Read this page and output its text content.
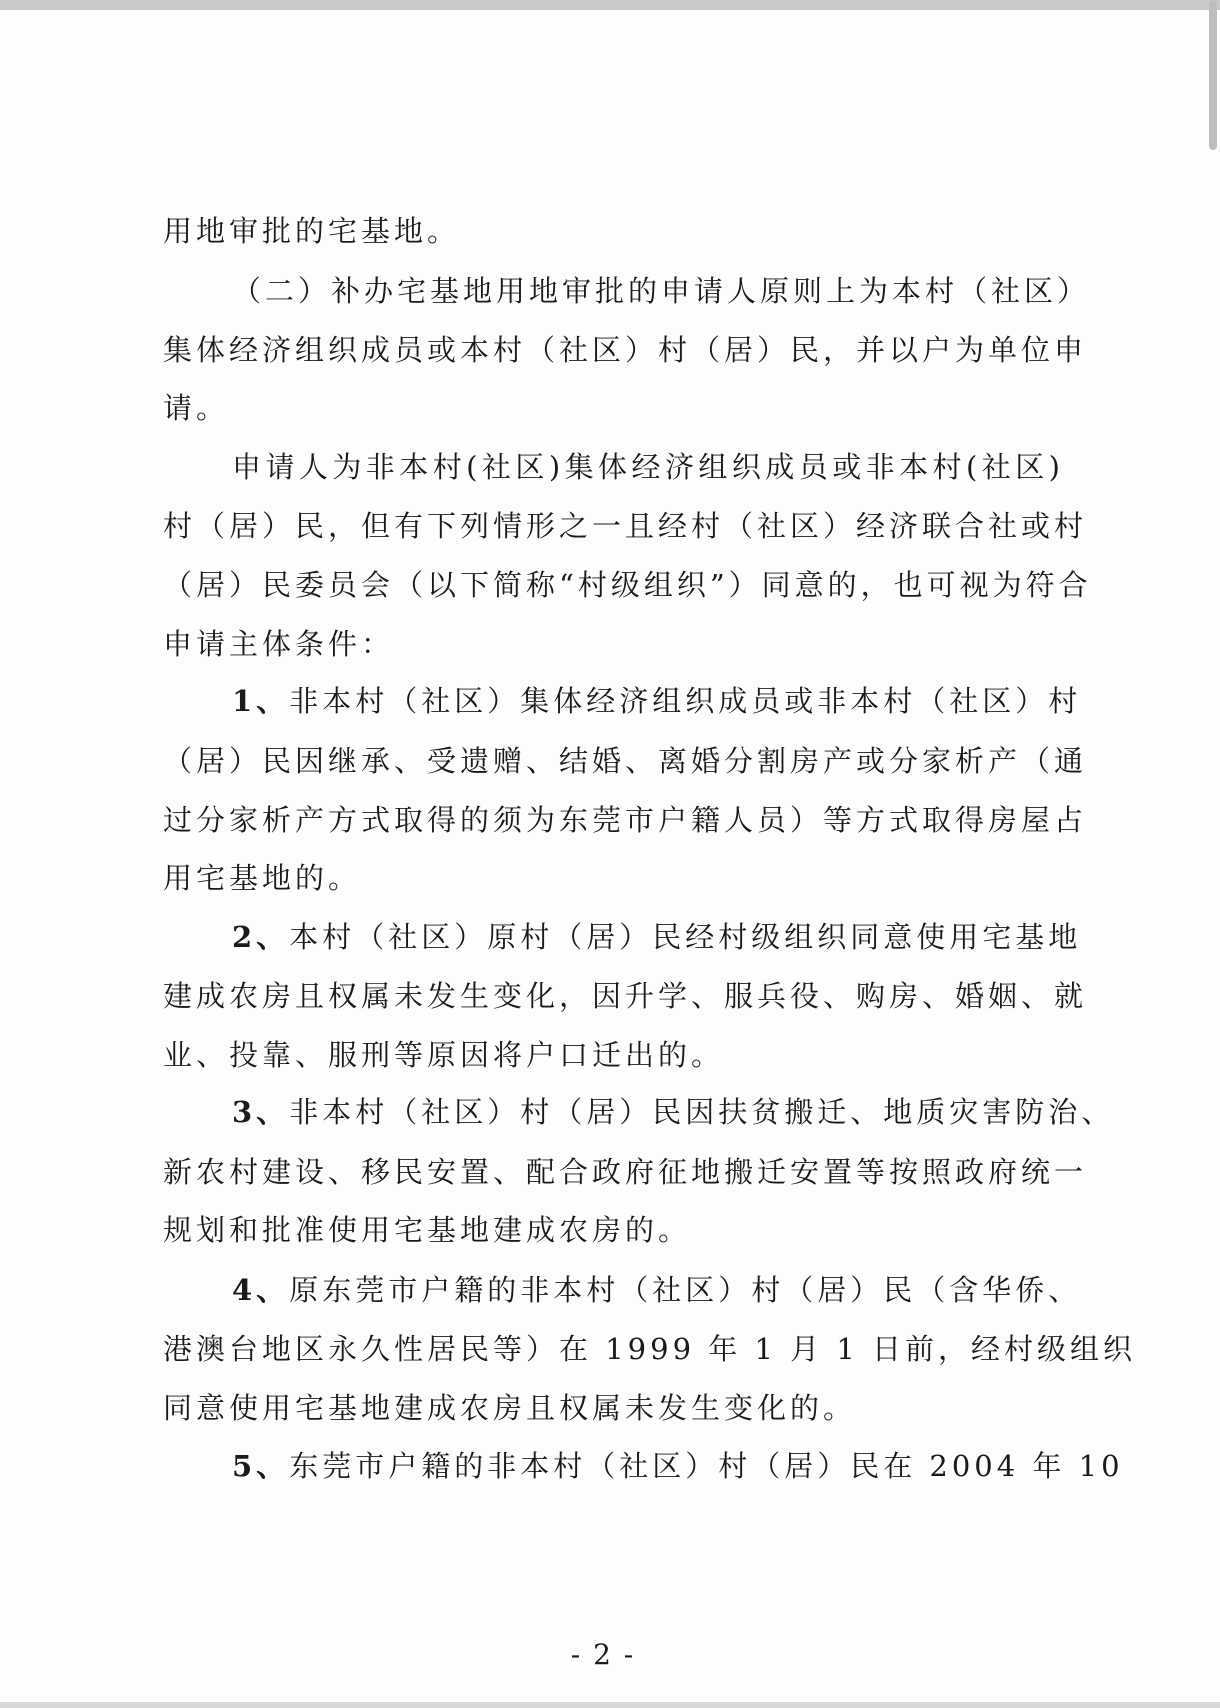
用地审批的宅基地。
（二）补办宅基地用地审批的申请人原则上为本村（社区）
集体经济组织成员或本村（社区）村（居）民，并以户为单位申
请。
申请人为非本村(社区)集体经济组织成员或非本村(社区)
村（居）民，但有下列情形之一且经村（社区）经济联合社或村
（居）民委员会（以下简称“村级组织”）同意的，也可视为符合
申请主体条件：
1、非本村（社区）集体经济组织成员或非本村（社区）村
（居）民因继承、受遗赠、结婚、离婚分割房产或分家析产（通
过分家析产方式取得的须为东莞市户籍人员）等方式取得房屋占
用宅基地的。
2、本村（社区）原村（居）民经村级组织同意使用宅基地
建成农房且权属未发生变化，因升学、服兵役、购房、婚姻、就
业、投靠、服刑等原因将户口迁出的。
3、非本村（社区）村（居）民因扶贫搬迁、地质灾害防治、
新农村建设、移民安置、配合政府征地搬迁安置等按照政府统一
规划和批准使用宅基地建成农房的。
4、原东莞市户籍的非本村（社区）村（居）民（含华侨、
港澳台地区永久性居民等）在 1999 年 1 月 1 日前，经村级组织
同意使用宅基地建成农房且权属未发生变化的。
5、东莞市户籍的非本村（社区）村（居）民在 2004 年 10
- 2 -
